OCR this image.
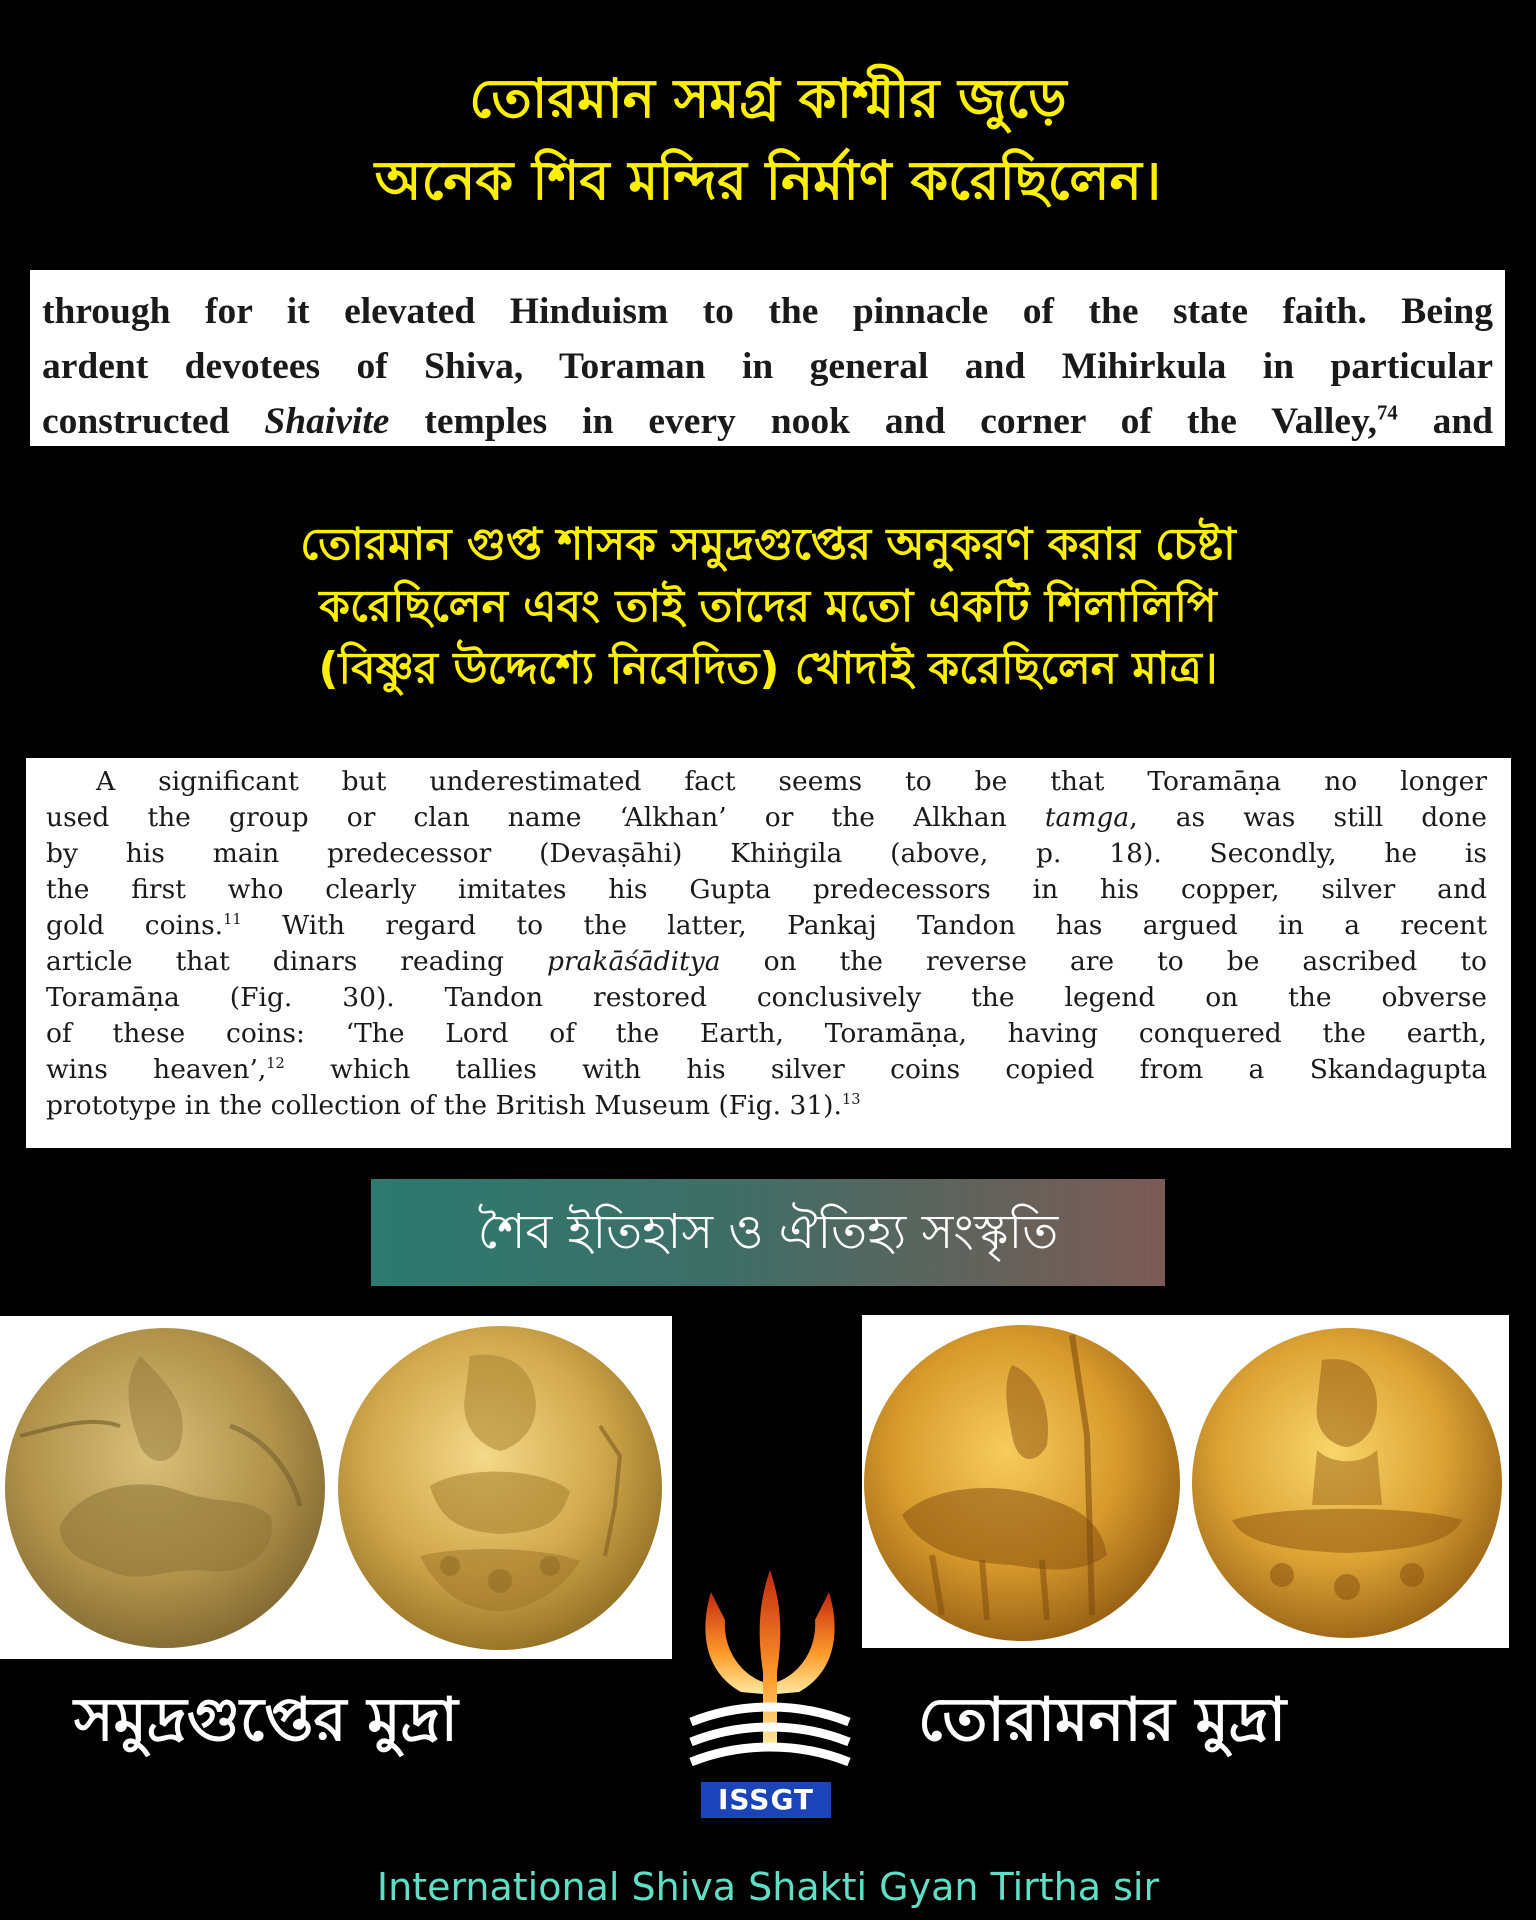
তোরমান সমগ্র কাশ্মীর জুড়ে
অনেক শিব মন্দির নির্মাণ করেছিলেন।
through for it elevated Hinduism to the pinnacle of the state faith. Being
ardent devotees of Shiva, Toraman in general and Mihirkula in particular
constructed Shaivite temples in every nook and corner of the Valley,$^{74}$ and
তোরমান গুপ্ত শাসক সমুদ্রগুপ্তের অনুকরণ করার চেষ্টা
করেছিলেন এবং তাই তাদের মতো একটি শিলালিপি
(বিষ্ণুর উদ্দেশ্যে নিবেদিত) খোদাই করেছিলেন মাত্র।
A significant but underestimated fact seems to be that Toramāṇa no longer
used the group or clan name ‘Alkhan’ or the Alkhan tamga, as was still done
by his main predecessor (Devaṣāhi) Khiṅgila (above, p. 18). Secondly, he is
the first who clearly imitates his Gupta predecessors in his copper, silver and
gold coins.$^{11}$ With regard to the latter, Pankaj Tandon has argued in a recent
article that dinars reading prakāśāditya on the reverse are to be ascribed to
Toramāṇa (Fig. 30). Tandon restored conclusively the legend on the obverse
of these coins: ‘The Lord of the Earth, Toramāṇa, having conquered the earth,
wins heaven’,$^{12}$ which tallies with his silver coins copied from a Skandagupta
prototype in the collection of the British Museum (Fig. 31).$^{13}$
শৈব ইতিহাস ও ঐতিহ্য সংস্কৃতি
সমুদ্রগুপ্তের মুদ্রা	তোরামনার মুদ্রা
ISSGT
International Shiva Shakti Gyan Tirtha sir
